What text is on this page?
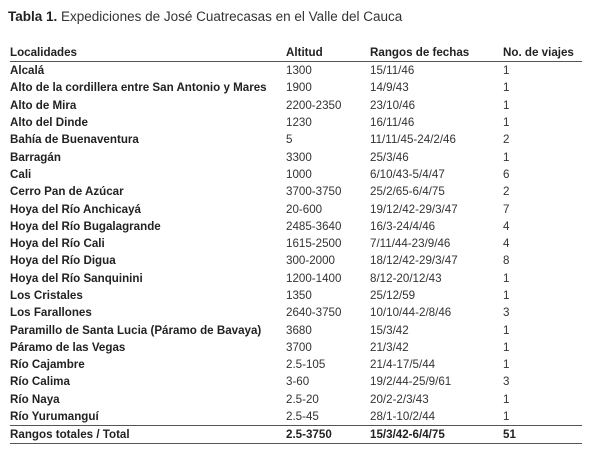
Tabla 1. Expediciones de José Cuatrecasas en el Valle del Cauca
Localidades	Altitud	Rangos de fechas	No. de viajes
Alcalá	1300	15/11/46	1
Alto de la cordillera entre San Antonio y Mares	1900	14/9/43	1
Alto de Mira	2200-2350	23/10/46	1
Alto del Dinde	1230	16/11/46	1
Bahía de Buenaventura	5	11/11/45-24/2/46	2
Barragán	3300	25/3/46	1
Cali	1000	6/10/43-5/4/47	6
Cerro Pan de Azúcar	3700-3750	25/2/65-6/4/75	2
Hoya del Río Anchicayá	20-600	19/12/42-29/3/47	7
Hoya del Río Bugalagrande	2485-3640	16/3-24/4/46	4
Hoya del Río Cali	1615-2500	7/11/44-23/9/46	4
Hoya del Río Digua	300-2000	18/12/42-29/3/47	8
Hoya del Río Sanquinini	1200-1400	8/12-20/12/43	1
Los Cristales	1350	25/12/59	1
Los Farallones	2640-3750	10/10/44-2/8/46	3
Paramillo de Santa Lucia (Páramo de Bavaya)	3680	15/3/42	1
Páramo de las Vegas	3700	21/3/42	1
Río Cajambre	2.5-105	21/4-17/5/44	1
Río Calima	3-60	19/2/44-25/9/61	3
Río Naya	2.5-20	20/2-2/3/43	1
Río Yurumanguí	2.5-45	28/1-10/2/44	1
Rangos totales / Total	2.5-3750	15/3/42-6/4/75	51
